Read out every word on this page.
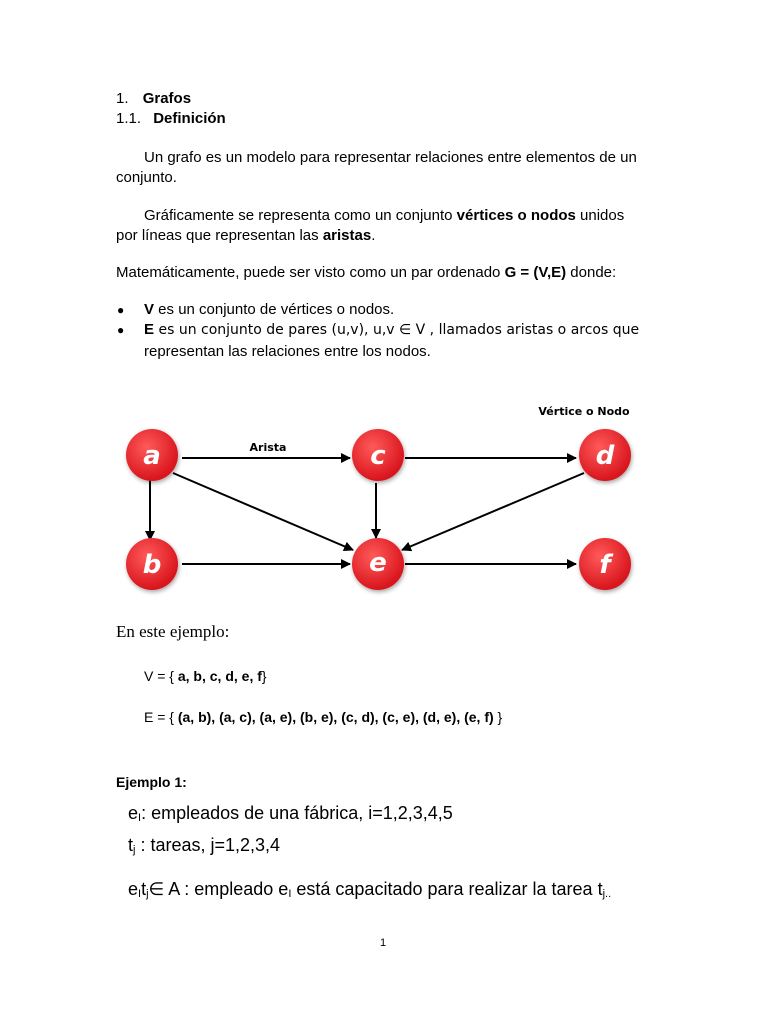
1. Grafos
1.1. Definición
Un grafo es un modelo para representar relaciones entre elementos de un
conjunto.
Gráficamente se representa como un conjunto vértices o nodos unidos
por líneas que representan las aristas.
Matemáticamente, puede ser visto como un par ordenado G = (V,E) donde:
● V es un conjunto de vértices o nodos.
● E es un conjunto de pares (u,v), u,v ∈ V , llamados aristas o arcos que
representan las relaciones entre los nodos.
Vértice o Nodo
Arista
a	c	d
b	e	f
En este ejemplo:
V = { a, b, c, d, e, f}
E = { (a, b), (a, c), (a, e), (b, e), (c, d), (c, e), (d, e), (e, f) }
Ejemplo 1:
eI: empleados de una fábrica, i=1,2,3,4,5
tj : tareas, j=1,2,3,4
eItj∈ A : empleado eI está capacitado para realizar la tarea tj..
1
